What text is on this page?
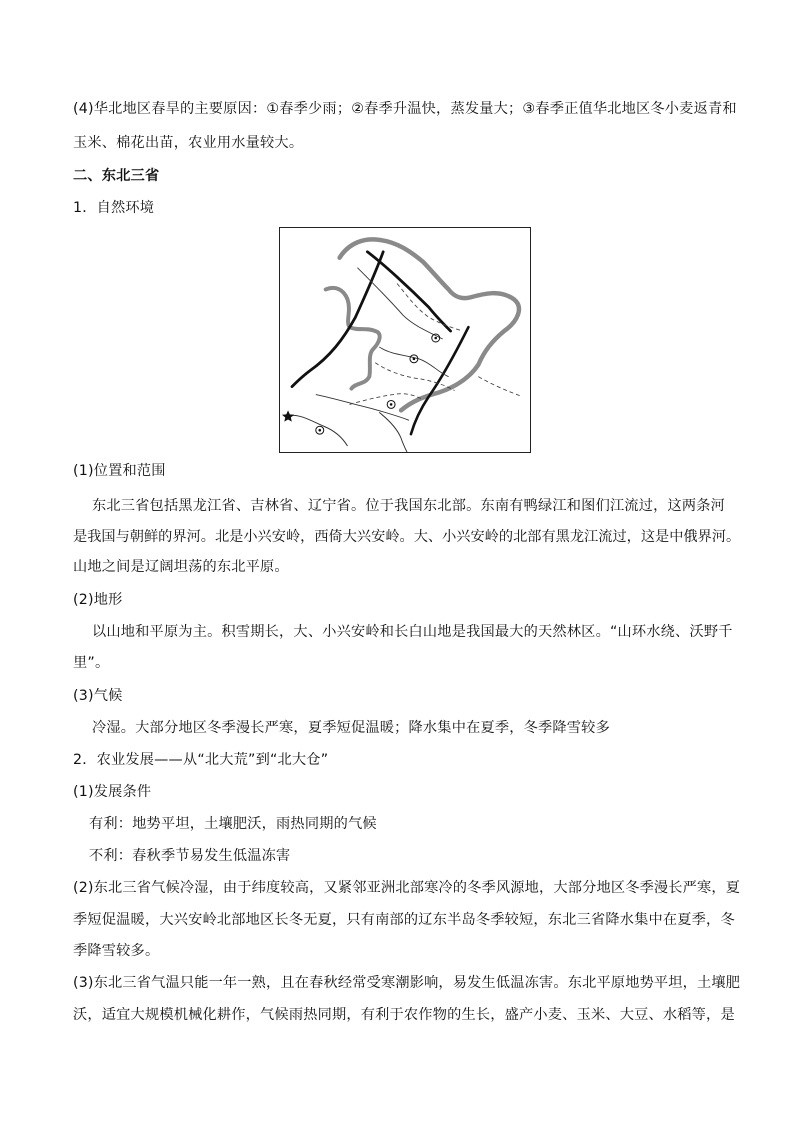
(4)华北地区春旱的主要原因：①春季少雨；②春季升温快，蒸发量大；③春季正值华北地区冬小麦返青和
玉米、棉花出苗，农业用水量较大。
二、东北三省
1．自然环境
(1)位置和范围
东北三省包括黑龙江省、吉林省、辽宁省。位于我国东北部。东南有鸭绿江和图们江流过，这两条河
是我国与朝鲜的界河。北是小兴安岭，西倚大兴安岭。大、小兴安岭的北部有黑龙江流过，这是中俄界河。
山地之间是辽阔坦荡的东北平原。
(2)地形
以山地和平原为主。积雪期长，大、小兴安岭和长白山地是我国最大的天然林区。“山环水绕、沃野千
里”。
(3)气候
冷湿。大部分地区冬季漫长严寒，夏季短促温暖；降水集中在夏季，冬季降雪较多
2．农业发展——从“北大荒”到“北大仓”
(1)发展条件
有利：地势平坦，土壤肥沃，雨热同期的气候
不利：春秋季节易发生低温冻害
(2)东北三省气候冷湿，由于纬度较高，又紧邻亚洲北部寒冷的冬季风源地，大部分地区冬季漫长严寒，夏
季短促温暖，大兴安岭北部地区长冬无夏，只有南部的辽东半岛冬季较短，东北三省降水集中在夏季，冬
季降雪较多。
(3)东北三省气温只能一年一熟，且在春秋经常受寒潮影响，易发生低温冻害。东北平原地势平坦，土壤肥
沃，适宜大规模机械化耕作，气候雨热同期，有利于农作物的生长，盛产小麦、玉米、大豆、水稻等，是
